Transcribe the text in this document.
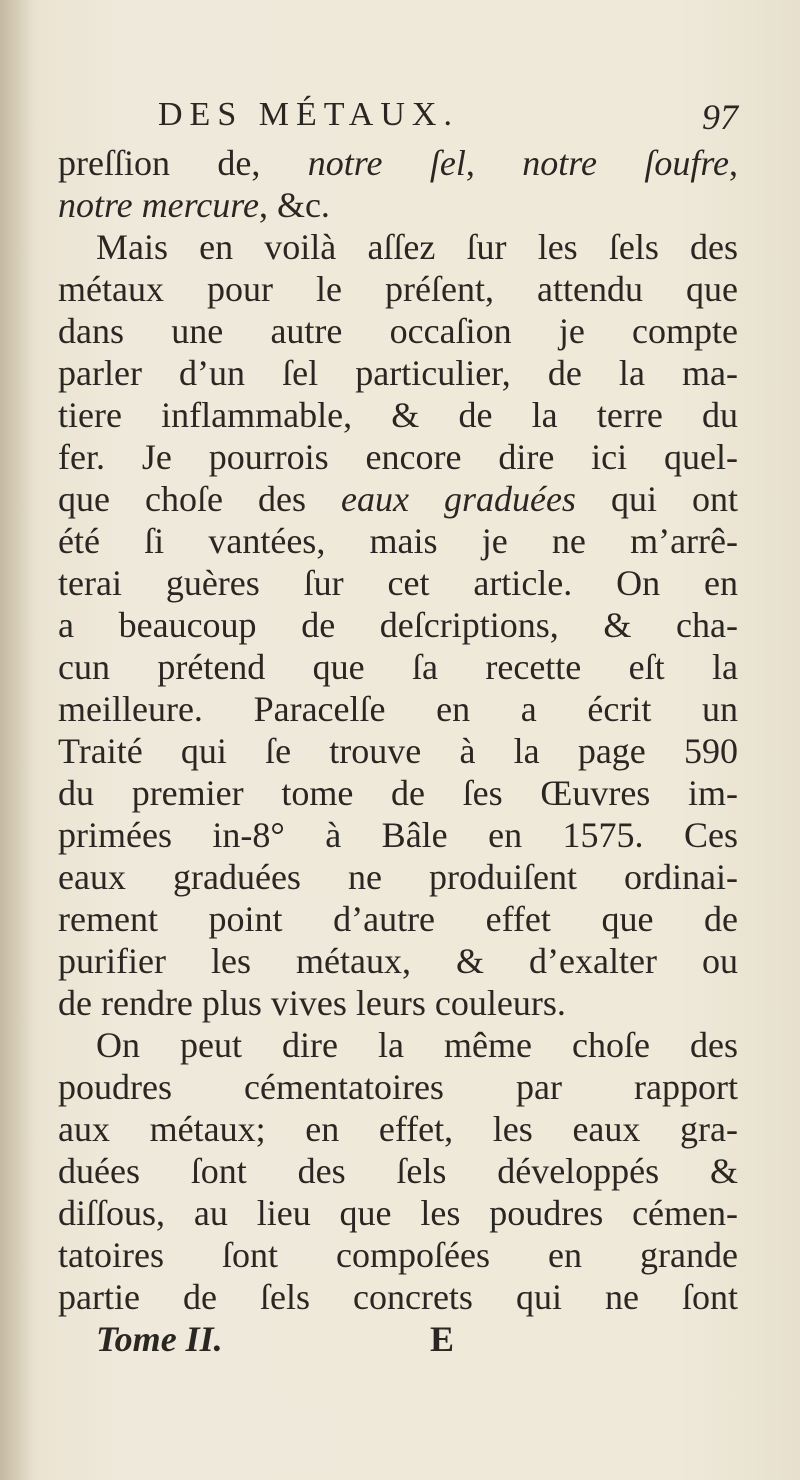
DES MÉTAUX.	97
preſſion de, notre ſel, notre ſoufre,
notre mercure, &c.
Mais en voilà aſſez ſur les ſels des
métaux pour le préſent, attendu que
dans une autre occaſion je compte
parler d’un ſel particulier, de la ma-
tiere inflammable, & de la terre du
fer. Je pourrois encore dire ici quel-
que choſe des eaux graduées qui ont
été ſi vantées, mais je ne m’arrê-
terai guères ſur cet article. On en
a beaucoup de deſcriptions, & cha-
cun prétend que ſa recette eſt la
meilleure. Paracelſe en a écrit un
Traité qui ſe trouve à la page 590
du premier tome de ſes Œuvres im-
primées in-8° à Bâle en 1575. Ces
eaux graduées ne produiſent ordinai-
rement point d’autre effet que de
purifier les métaux, & d’exalter ou
de rendre plus vives leurs couleurs.
On peut dire la même choſe des
poudres cémentatoires par rapport
aux métaux; en effet, les eaux gra-
duées ſont des ſels développés &
diſſous, au lieu que les poudres cémen-
tatoires ſont compoſées en grande
partie de ſels concrets qui ne ſont
Tome II.	E
